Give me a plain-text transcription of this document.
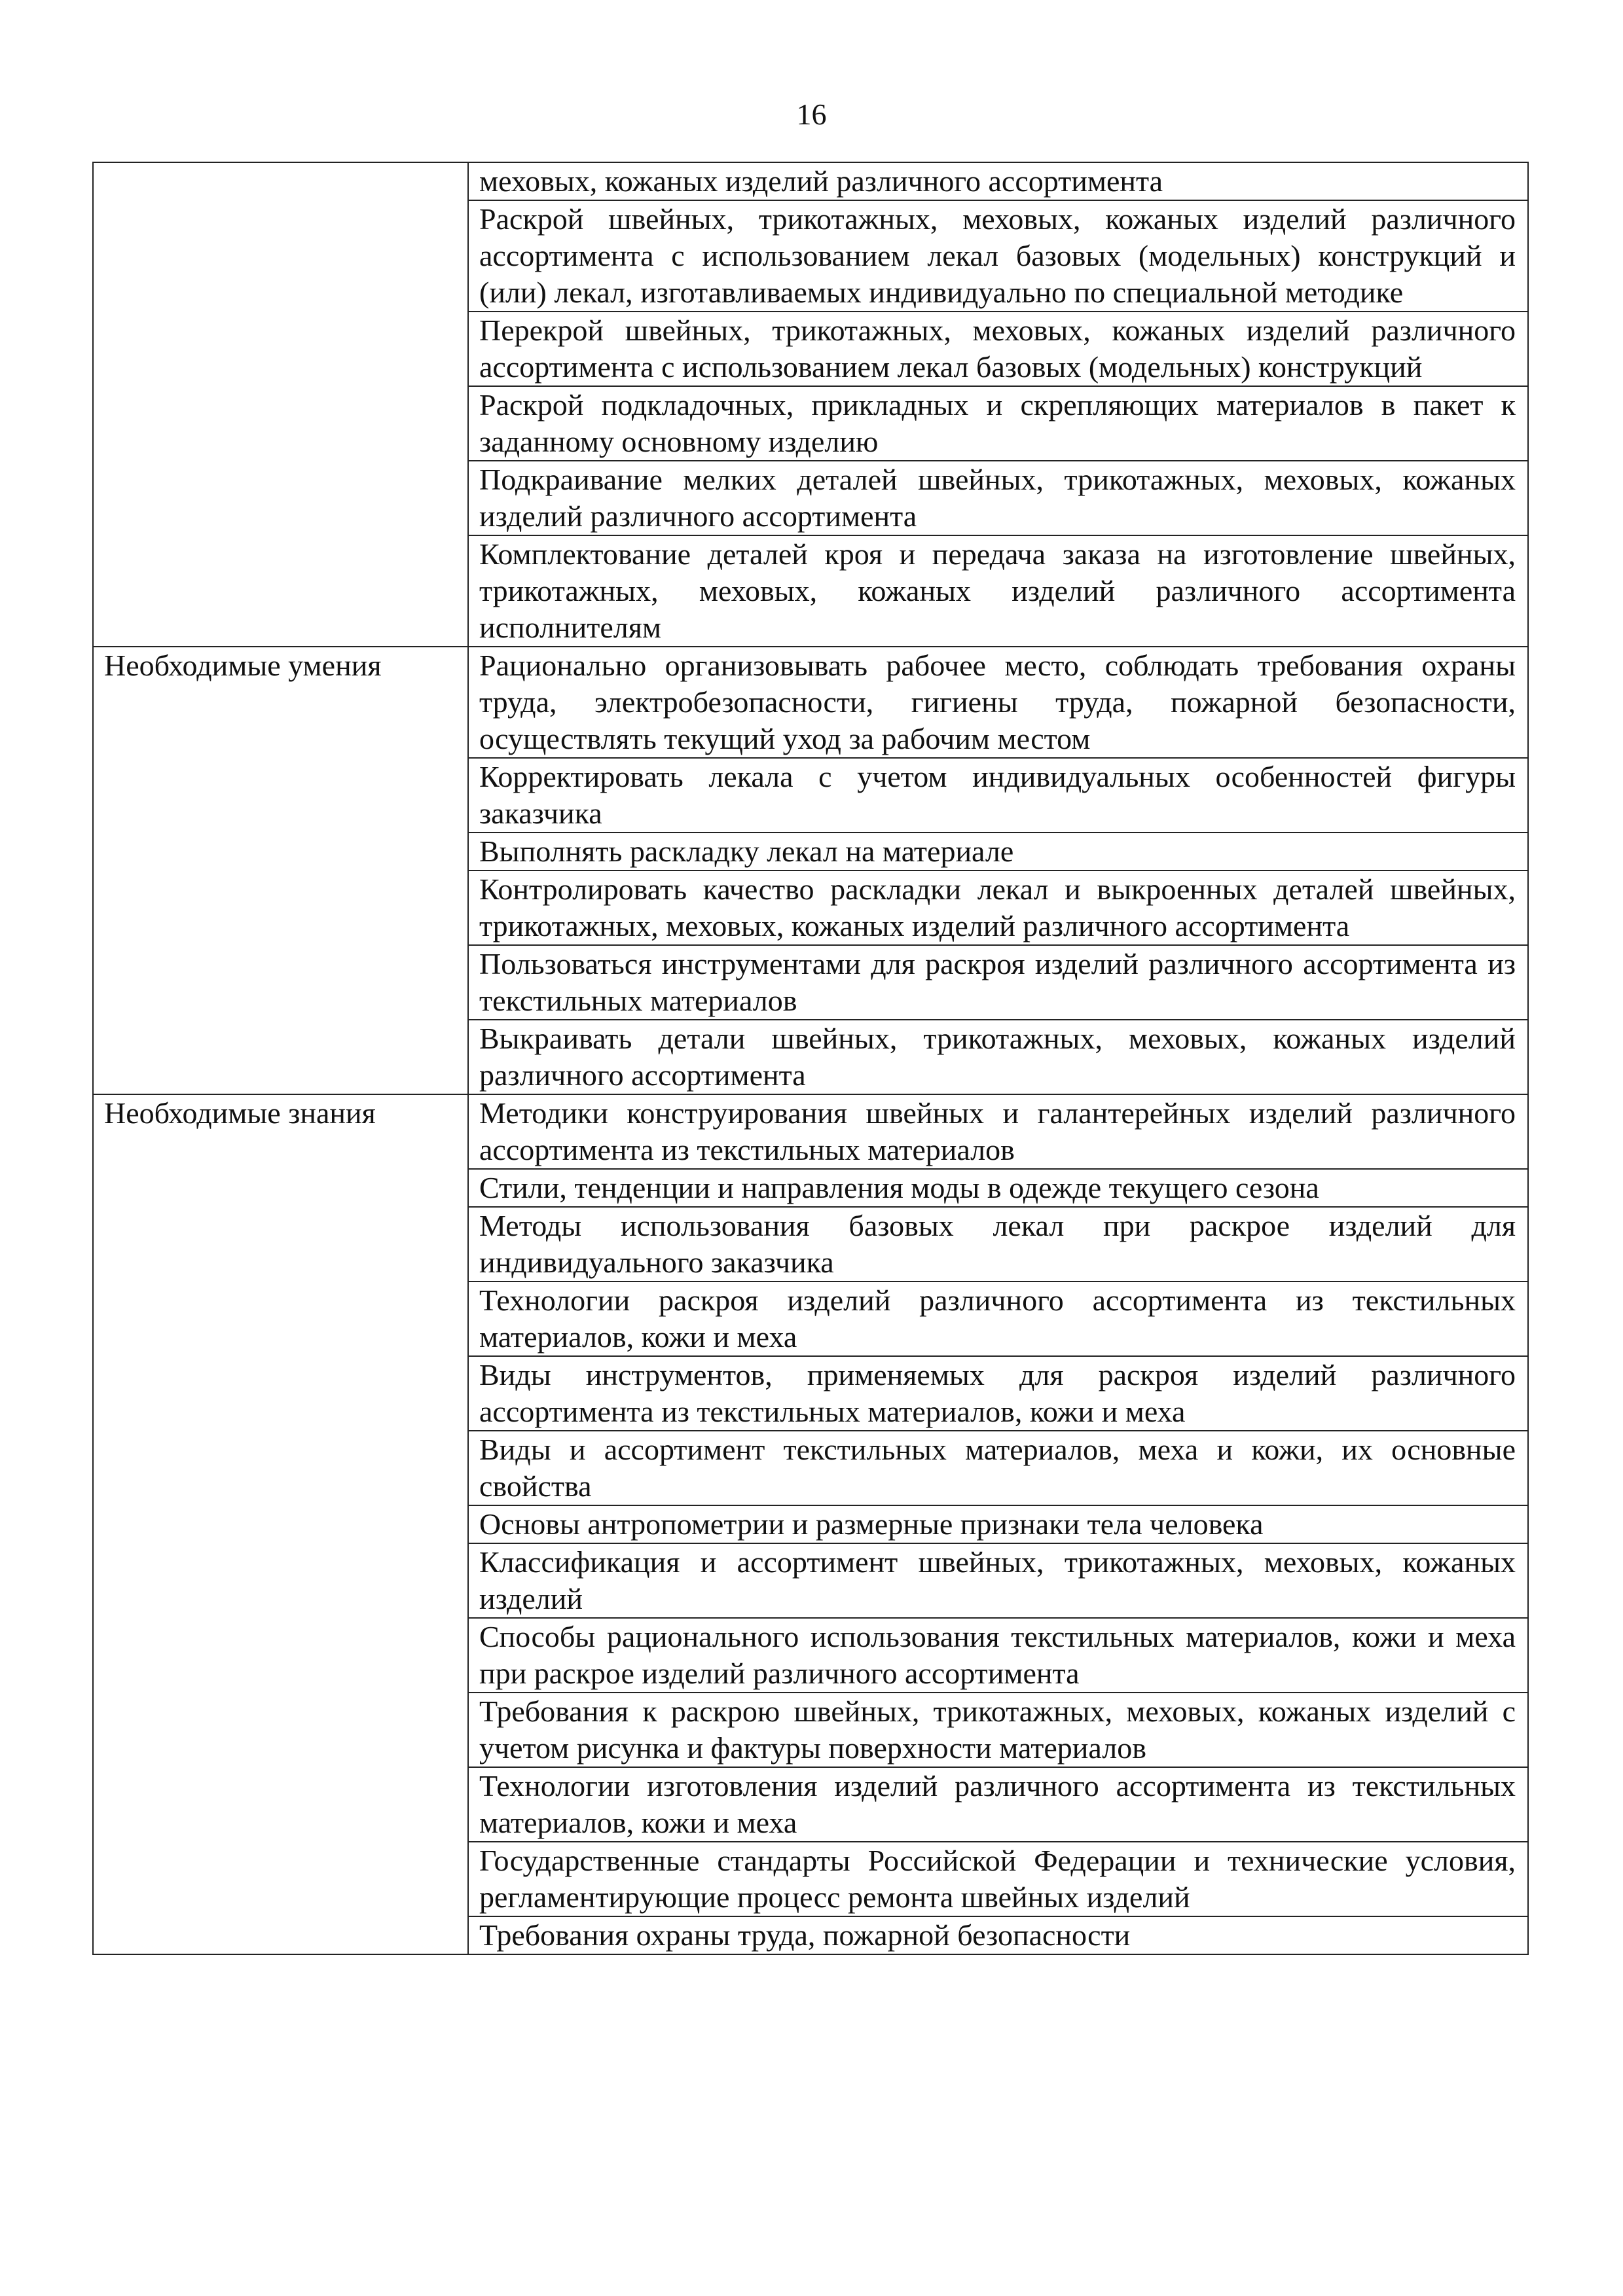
16
	меховых, кожаных изделий различного ассортимента
	Раскрой швейных, трикотажных, меховых, кожаных изделий различного ассортимента с использованием лекал базовых (модельных) конструкций и (или) лекал, изготавливаемых индивидуально по специальной методике
	Перекрой швейных, трикотажных, меховых, кожаных изделий различного ассортимента с использованием лекал базовых (модельных) конструкций
	Раскрой подкладочных, прикладных и скрепляющих материалов в пакет к заданному основному изделию
	Подкраивание мелких деталей швейных, трикотажных, меховых, кожаных изделий различного ассортимента
	Комплектование деталей кроя и передача заказа на изготовление швейных, трикотажных, меховых, кожаных изделий различного ассортимента исполнителям
Необходимые умения	Рационально организовывать рабочее место, соблюдать требования охраны труда, электробезопасности, гигиены труда, пожарной безопасности, осуществлять текущий уход за рабочим местом
	Корректировать лекала с учетом индивидуальных особенностей фигуры заказчика
	Выполнять раскладку лекал на материале
	Контролировать качество раскладки лекал и выкроенных деталей швейных, трикотажных, меховых, кожаных изделий различного ассортимента
	Пользоваться инструментами для раскроя изделий различного ассортимента из текстильных материалов
	Выкраивать детали швейных, трикотажных, меховых, кожаных изделий различного ассортимента
Необходимые знания	Методики конструирования швейных и галантерейных изделий различного ассортимента из текстильных материалов
	Стили, тенденции и направления моды в одежде текущего сезона
	Методы использования базовых лекал при раскрое изделий для индивидуального заказчика
	Технологии раскроя изделий различного ассортимента из текстильных материалов, кожи и меха
	Виды инструментов, применяемых для раскроя изделий различного ассортимента из текстильных материалов, кожи и меха
	Виды и ассортимент текстильных материалов, меха и кожи, их основные свойства
	Основы антропометрии и размерные признаки тела человека
	Классификация и ассортимент швейных, трикотажных, меховых, кожаных изделий
	Способы рационального использования текстильных материалов, кожи и меха при раскрое изделий различного ассортимента
	Требования к раскрою швейных, трикотажных, меховых, кожаных изделий с учетом рисунка и фактуры поверхности материалов
	Технологии изготовления изделий различного ассортимента из текстильных материалов, кожи и меха
	Государственные стандарты Российской Федерации и технические условия, регламентирующие процесс ремонта швейных изделий
	Требования охраны труда, пожарной безопасности
